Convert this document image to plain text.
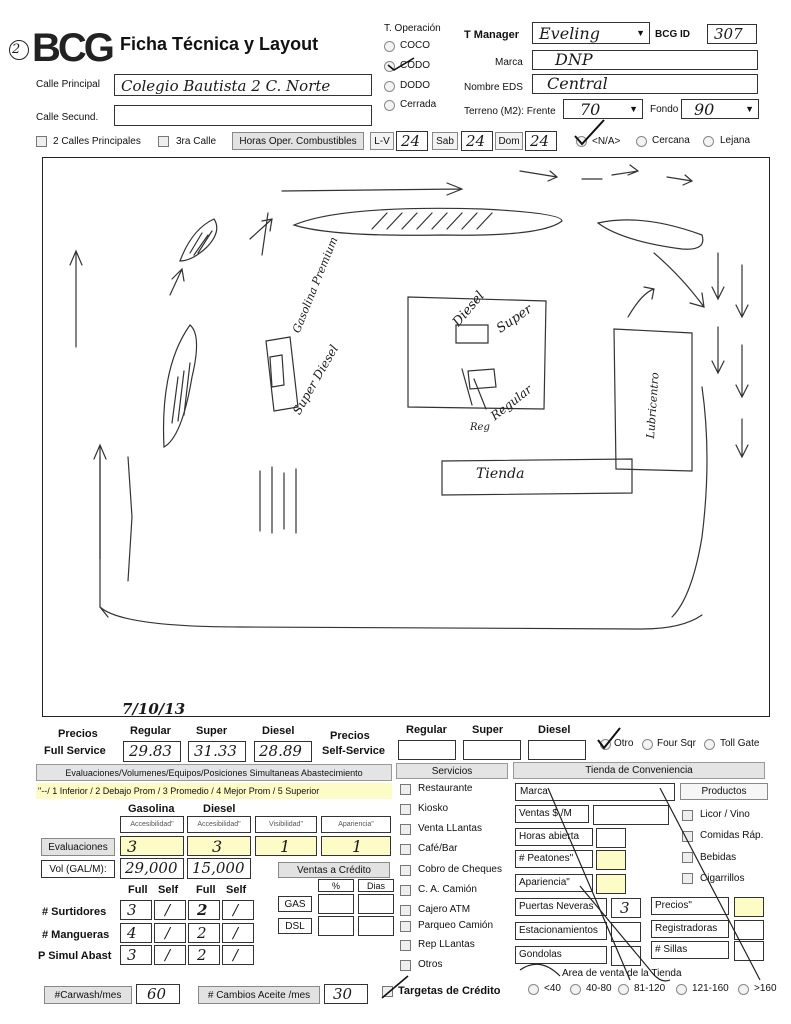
2 BCG Ficha Técnica y Layout
Calle Principal Colegio Bautista 2 C. Norte
Calle Secund.
T. Operación
COCO
CODO
DODO
Cerrada
T Manager Eveling	▼ BCG ID 307
Marca DNP
Nombre EDS Central
Terreno (M2): Frente 70	▼ Fondo 90	▼
2 Calles Principales	3ra Calle	Horas Oper. Combustibles	L-V 24	Sab 24	Dom 24	<N/A>	Cercana	Lejana
Gasolina Premium
Super Diesel
Diesel Super
Regular
Reg	Lubricentro
Tienda
7/10/13
Precios
Full Service
Regular Super	Diesel
29.83 31.33 28.89
Precios
Self-Service
Regular Super	Diesel
Otro Four Sqr Toll Gate
Evaluaciones/Volumenes/Equipos/Posiciones Simultaneas Abastecimiento
"--/ 1 Inferior / 2 Debajo Prom / 3 Promedio / 4 Mejor Prom / 5 Superior
Gasolina	Diesel
Accesibilidad"	Accesibilidad"	Visibilidad"	Apariencia"
Evaluaciones	3	3	1	1
Vol (GAL/M):	29,000 15,000	Ventas a Crédito
%	Dias
GAS
DSL
Full Self Full Self
# Surtidores 3 / 2 /
# Mangueras 4 / 2 /
P Simul Abast 3 / 2 /
#Carwash/mes	60	# Cambios Aceite /mes	30
Servicios
Restaurante
Kiosko
Venta LLantas
Café/Bar
Cobro de Cheques
C. A. Camión
Cajero ATM
Parqueo Camión
Rep LLantas
Otros
Targetas de Crédito
Tienda de Conveniencia
Marca	Productos
Ventas $ /M
Horas abierta
# Peatones"
Apariencia"
Puertas Neveras	3
Estacionamientos
Gondolas
Precios"
Registradoras
# Sillas
Licor / Vino
Comidas Ráp.
Bebidas
Cigarrillos
Area de venta de la Tienda
<40	40-80 81-120	121-160	>160
